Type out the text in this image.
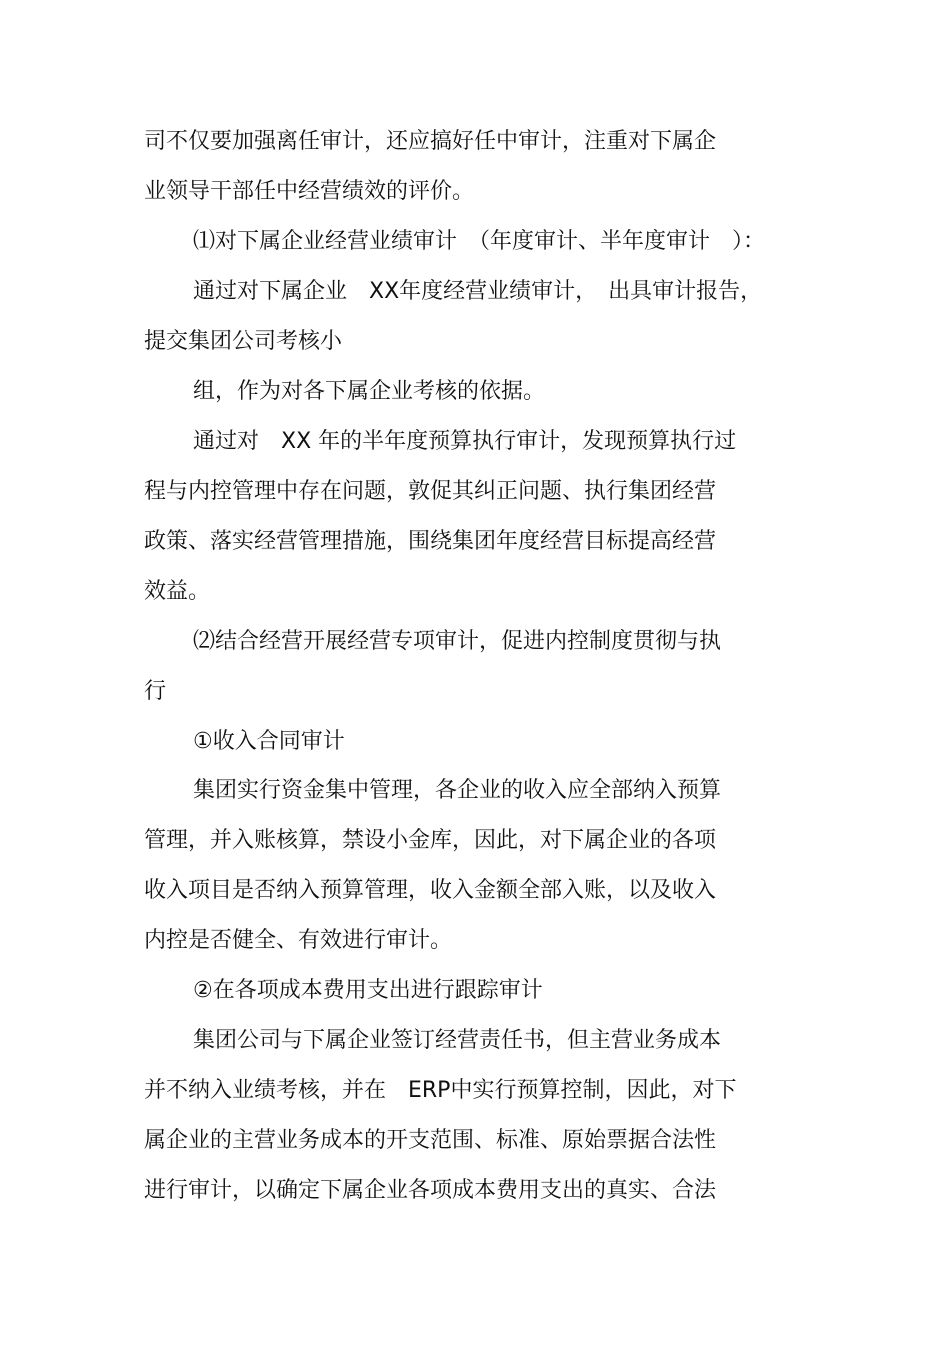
司不仅要加强离任审计，还应搞好任中审计，注重对下属企
业领导干部任中经营绩效的评价。
⑴对下属企业经营业绩审计　（年度审计、半年度审计　）：
通过对下属企业　XX年度经营业绩审计，　出具审计报告，
提交集团公司考核小
组，作为对各下属企业考核的依据。
通过对　XX 年的半年度预算执行审计，发现预算执行过
程与内控管理中存在问题，敦促其纠正问题、执行集团经营
政策、落实经营管理措施，围绕集团年度经营目标提高经营
效益。
⑵结合经营开展经营专项审计，促进内控制度贯彻与执
行
①收入合同审计
集团实行资金集中管理，各企业的收入应全部纳入预算
管理，并入账核算，禁设小金库，因此，对下属企业的各项
收入项目是否纳入预算管理，收入金额全部入账，以及收入
内控是否健全、有效进行审计。
②在各项成本费用支出进行跟踪审计
集团公司与下属企业签订经营责任书，但主营业务成本
并不纳入业绩考核，并在　ERP中实行预算控制，因此，对下
属企业的主营业务成本的开支范围、标准、原始票据合法性
进行审计，以确定下属企业各项成本费用支出的真实、合法
